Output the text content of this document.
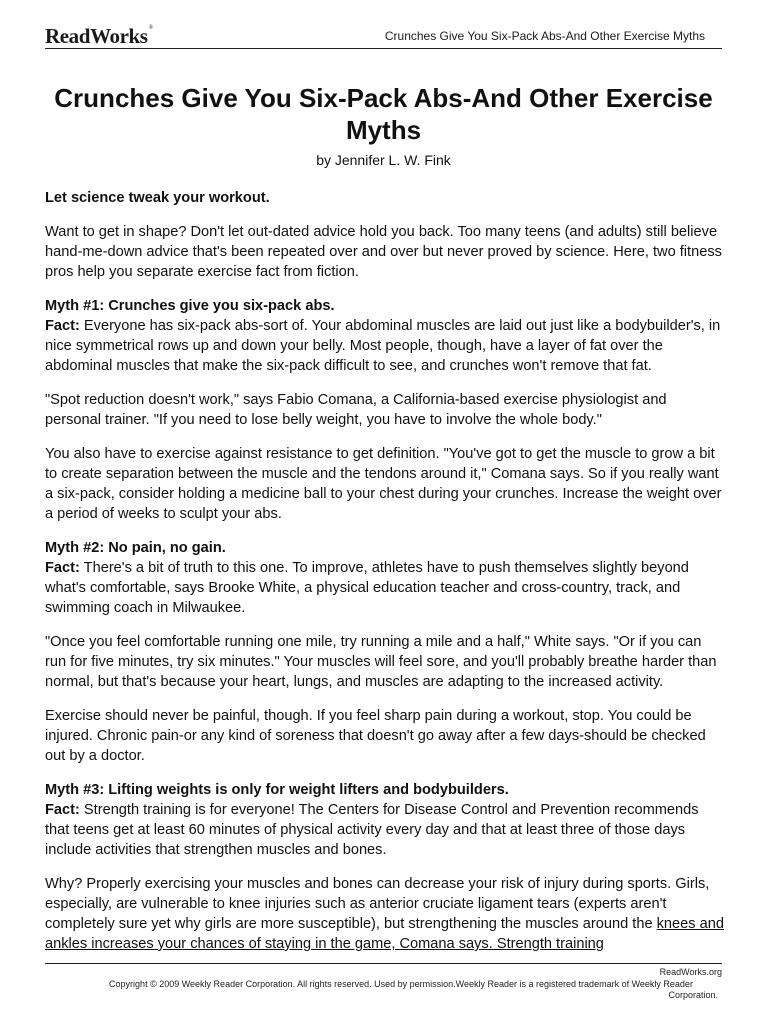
ReadWorks®
Crunches Give You Six-Pack Abs-And Other Exercise Myths
Crunches Give You Six-Pack Abs-And Other Exercise Myths
by Jennifer L. W. Fink

Let science tweak your workout.

Want to get in shape? Don't let out-dated advice hold you back. Too many teens (and adults) still believe hand-me-down advice that's been repeated over and over but never proved by science. Here, two fitness pros help you separate exercise fact from fiction.

Myth #1: Crunches give you six-pack abs.
Fact: Everyone has six-pack abs-sort of. Your abdominal muscles are laid out just like a bodybuilder's, in nice symmetrical rows up and down your belly. Most people, though, have a layer of fat over the abdominal muscles that make the six-pack difficult to see, and crunches won't remove that fat.

"Spot reduction doesn't work," says Fabio Comana, a California-based exercise physiologist and personal trainer. "If you need to lose belly weight, you have to involve the whole body."

You also have to exercise against resistance to get definition. "You've got to get the muscle to grow a bit to create separation between the muscle and the tendons around it," Comana says. So if you really want a six-pack, consider holding a medicine ball to your chest during your crunches. Increase the weight over a period of weeks to sculpt your abs.

Myth #2: No pain, no gain.
Fact: There's a bit of truth to this one. To improve, athletes have to push themselves slightly beyond what's comfortable, says Brooke White, a physical education teacher and cross-country, track, and swimming coach in Milwaukee.

"Once you feel comfortable running one mile, try running a mile and a half," White says. "Or if you can run for five minutes, try six minutes." Your muscles will feel sore, and you'll probably breathe harder than normal, but that's because your heart, lungs, and muscles are adapting to the increased activity.

Exercise should never be painful, though. If you feel sharp pain during a workout, stop. You could be injured. Chronic pain-or any kind of soreness that doesn't go away after a few days-should be checked out by a doctor.

Myth #3: Lifting weights is only for weight lifters and bodybuilders.
Fact: Strength training is for everyone! The Centers for Disease Control and Prevention recommends that teens get at least 60 minutes of physical activity every day and that at least three of those days include activities that strengthen muscles and bones.

Why? Properly exercising your muscles and bones can decrease your risk of injury during sports. Girls, especially, are vulnerable to knee injuries such as anterior cruciate ligament tears (experts aren't completely sure yet why girls are more susceptible), but strengthening the muscles around the knees and ankles increases your chances of staying in the game, Comana says. Strength training

ReadWorks.org
Copyright © 2009 Weekly Reader Corporation. All rights reserved. Used by permission.Weekly Reader is a registered trademark of Weekly Reader
Corporation.
